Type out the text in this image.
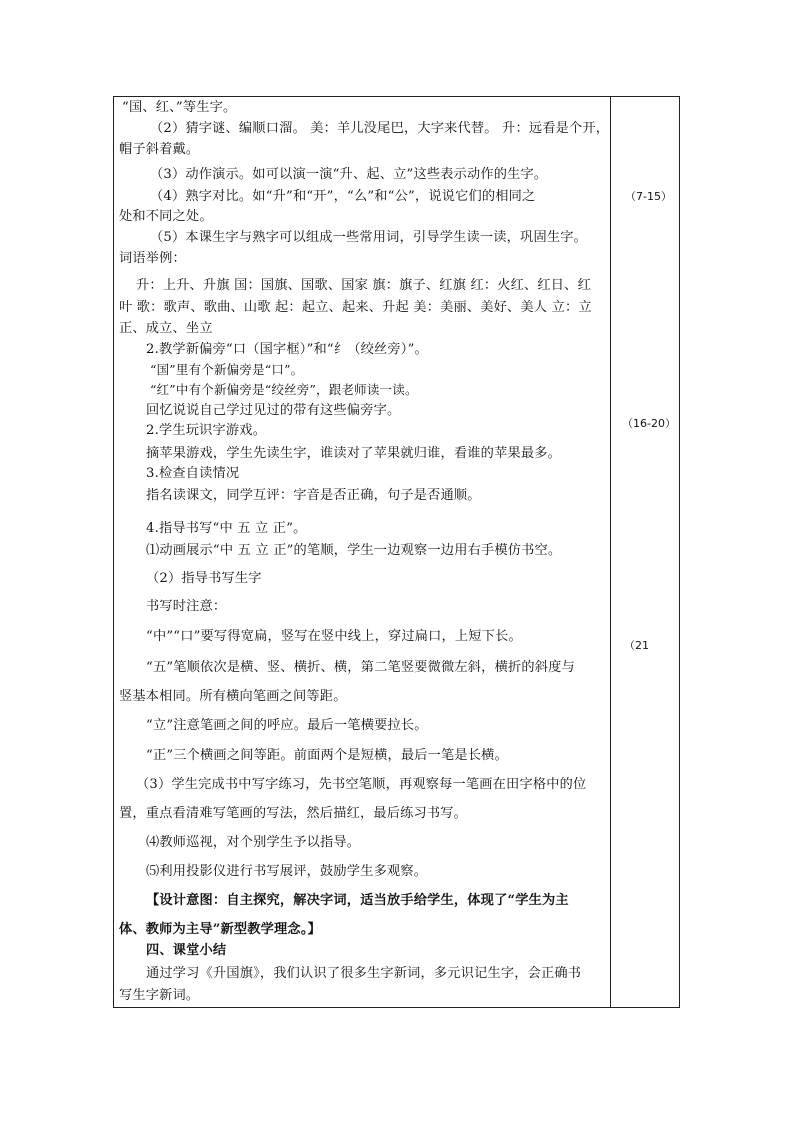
“国、红、”等生字。
（2）猜字谜、编顺口溜。 美：羊儿没尾巴，大字来代替。 升：远看是个开，
帽子斜着戴。
（3）动作演示。如可以演一演“升、起、立”这些表示动作的生字。
（4）熟字对比。如“升”和“开”，“么”和“公”，说说它们的相同之
处和不同之处。
（5）本课生字与熟字可以组成一些常用词，引导学生读一读，巩固生字。
词语举例：
升：上升、升旗 国：国旗、国歌、国家 旗：旗子、红旗 红：火红、红日、红
叶 歌：歌声、歌曲、山歌 起：起立、起来、升起 美：美丽、美好、美人 立：立
正、成立、坐立
2.教学新偏旁“口（国字框）”和“纟（绞丝旁）”。
“国”里有个新偏旁是“口”。
“红”中有个新偏旁是“绞丝旁”，跟老师读一读。
回忆说说自己学过见过的带有这些偏旁字。
2.学生玩识字游戏。
摘苹果游戏，学生先读生字，谁读对了苹果就归谁，看谁的苹果最多。
3.检查自读情况
指名读课文，同学互评：字音是否正确，句子是否通顺。
4.指导书写“中 五 立 正”。
⑴动画展示“中 五 立 正”的笔顺，学生一边观察一边用右手模仿书空。
（2）指导书写生字
书写时注意：
“中”“口”要写得宽扁，竖写在竖中线上，穿过扁口，上短下长。
“五”笔顺依次是横、竖、横折、横，第二笔竖要微微左斜，横折的斜度与
竖基本相同。所有横向笔画之间等距。
“立”注意笔画之间的呼应。最后一笔横要拉长。
“正”三个横画之间等距。前面两个是短横，最后一笔是长横。
（3）学生完成书中写字练习，先书空笔顺，再观察每一笔画在田字格中的位
置，重点看清难写笔画的写法，然后描红，最后练习书写。
⑷教师巡视，对个别学生予以指导。
⑸利用投影仪进行书写展评，鼓励学生多观察。
【设计意图：自主探究，解决字词，适当放手给学生，体现了“学生为主
体、教师为主导”新型教学理念。】
四、课堂小结
通过学习《升国旗》，我们认识了很多生字新词，多元识记生字，会正确书
写生字新词。
（7-15）
（16-20）
（21
